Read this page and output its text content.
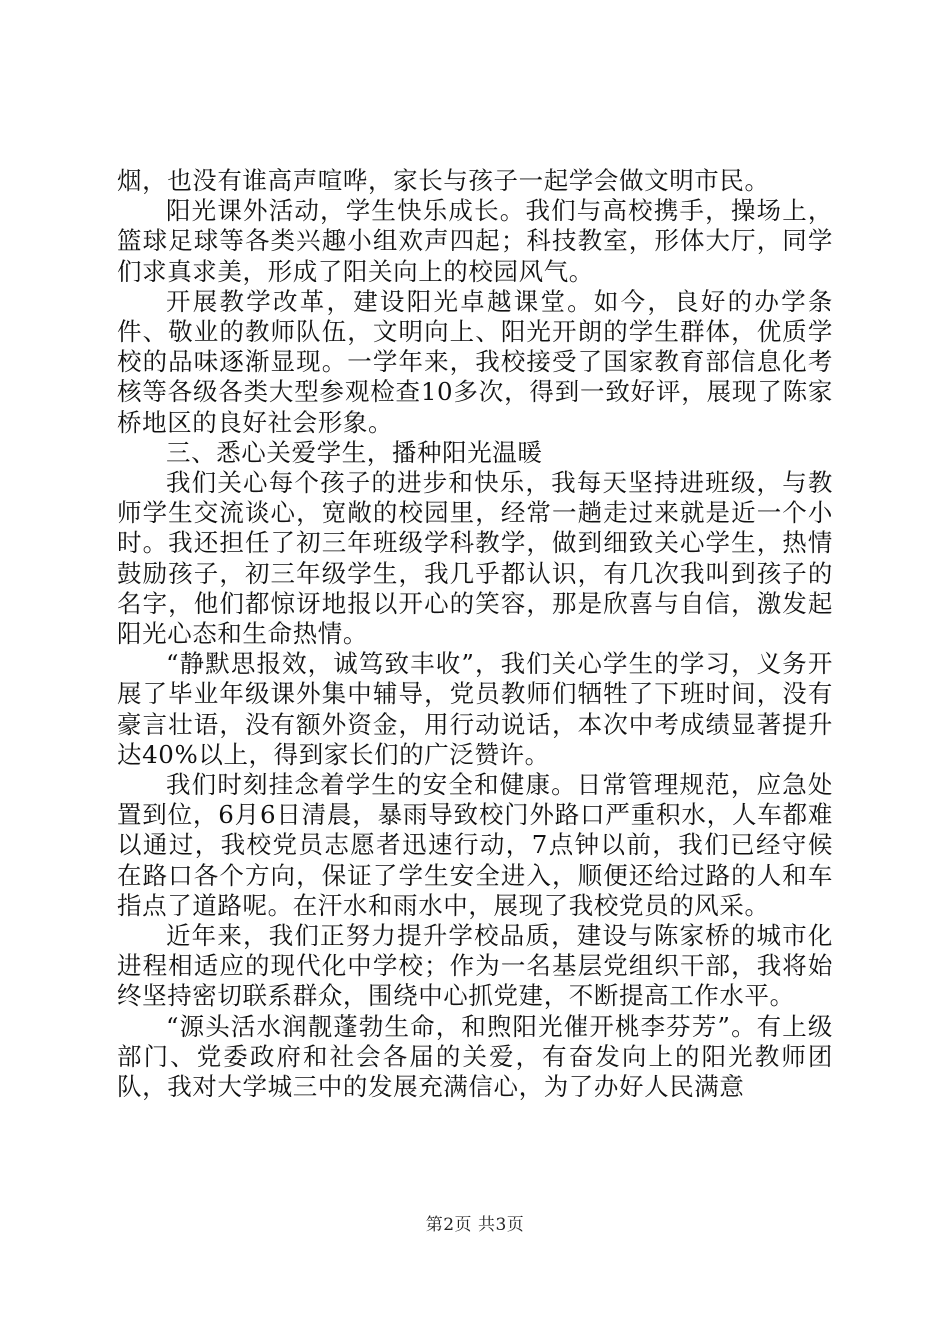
烟，也没有谁高声喧哗，家长与孩子一起学会做文明市民。

阳光课外活动，学生快乐成长。我们与高校携手，操场上，篮球足球等各类兴趣小组欢声四起；科技教室，形体大厅，同学们求真求美，形成了阳关向上的校园风气。

开展教学改革，建设阳光卓越课堂。如今，良好的办学条件、敬业的教师队伍，文明向上、阳光开朗的学生群体，优质学校的品味逐渐显现。一学年来，我校接受了国家教育部信息化考核等各级各类大型参观检查10多次，得到一致好评，展现了陈家桥地区的良好社会形象。

三、悉心关爱学生，播种阳光温暖

我们关心每个孩子的进步和快乐，我每天坚持进班级，与教师学生交流谈心，宽敞的校园里，经常一趟走过来就是近一个小时。我还担任了初三年班级学科教学，做到细致关心学生，热情鼓励孩子，初三年级学生，我几乎都认识，有几次我叫到孩子的名字，他们都惊讶地报以开心的笑容，那是欣喜与自信，激发起阳光心态和生命热情。

“静默思报效，诚笃致丰收”，我们关心学生的学习，义务开展了毕业年级课外集中辅导，党员教师们牺牲了下班时间，没有豪言壮语，没有额外资金，用行动说话，本次中考成绩显著提升达40%以上，得到家长们的广泛赞许。

我们时刻挂念着学生的安全和健康。日常管理规范，应急处置到位，6月6日清晨，暴雨导致校门外路口严重积水，人车都难以通过，我校党员志愿者迅速行动，7点钟以前，我们已经守候在路口各个方向，保证了学生安全进入，顺便还给过路的人和车指点了道路呢。在汗水和雨水中，展现了我校党员的风采。

近年来，我们正努力提升学校品质，建设与陈家桥的城市化进程相适应的现代化中学校；作为一名基层党组织干部，我将始终坚持密切联系群众，围绕中心抓党建，不断提高工作水平。

“源头活水润靓蓬勃生命，和煦阳光催开桃李芬芳”。有上级部门、党委政府和社会各届的关爱，有奋发向上的阳光教师团队，我对大学城三中的发展充满信心，为了办好人民满意

第2页 共3页
